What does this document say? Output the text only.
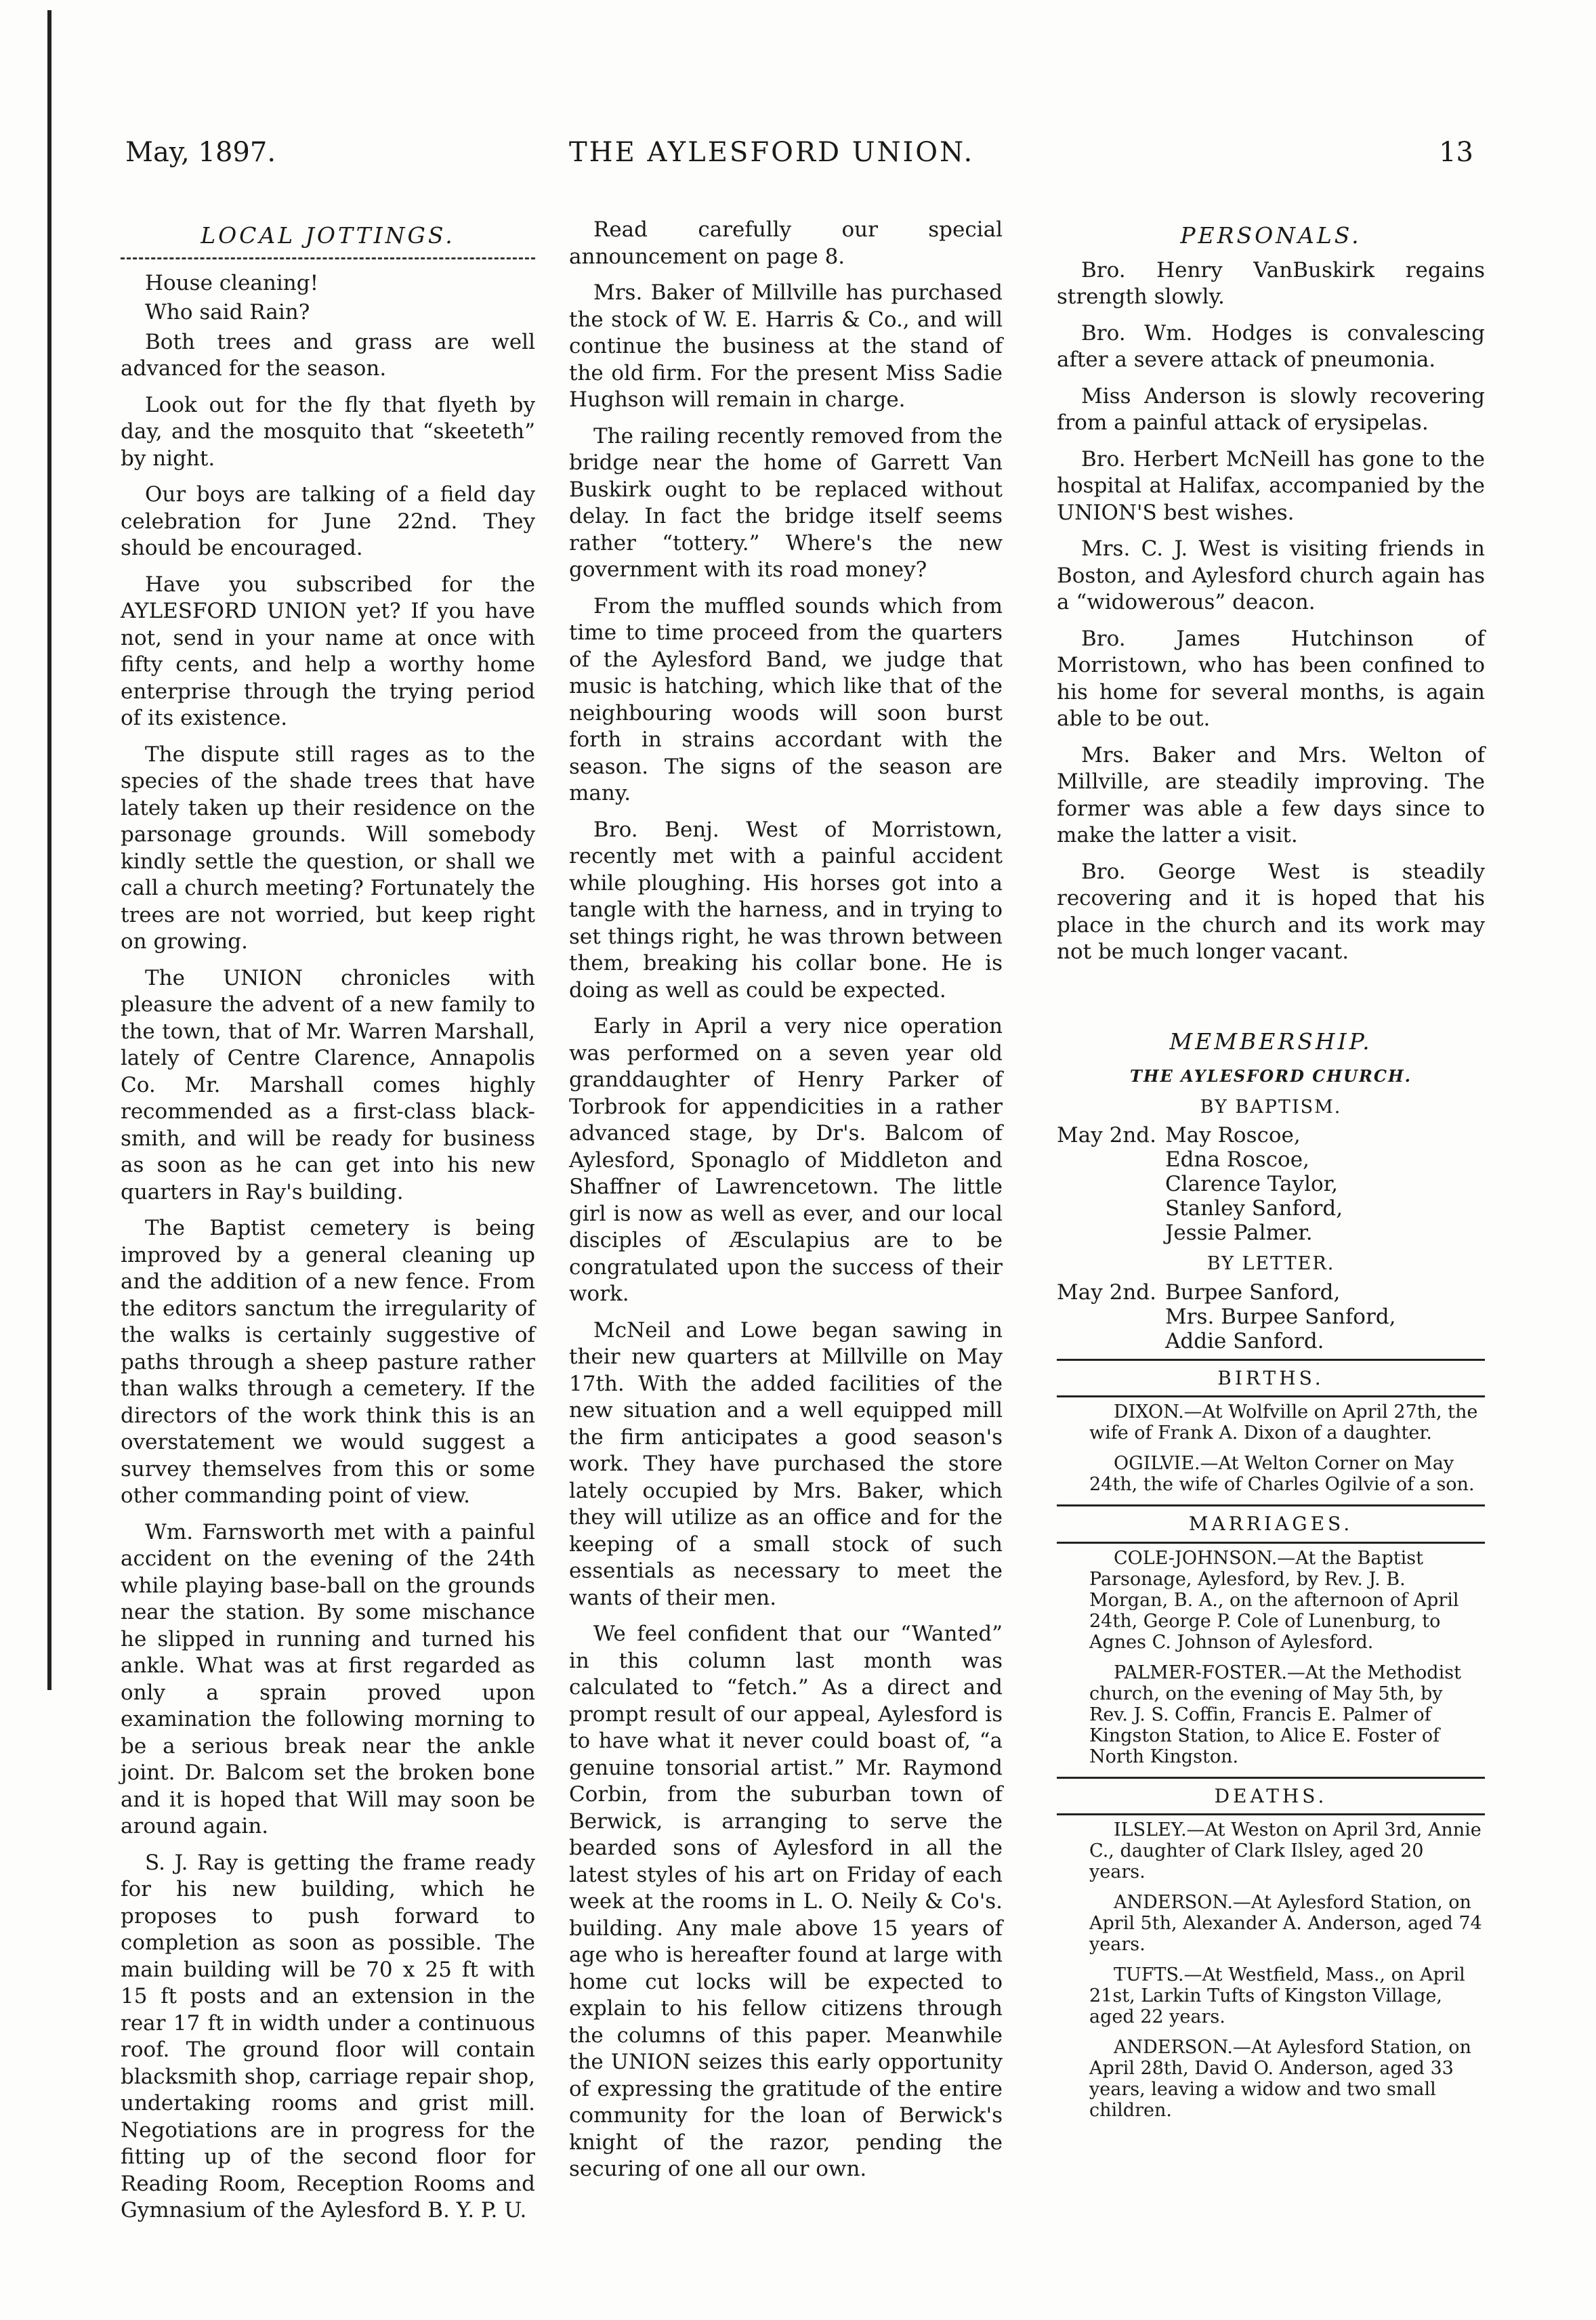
May, 1897.	THE AYLESFORD UNION.	13
LOCAL JOTTINGS.

House cleaning!

Who said Rain?

Both trees and grass are well advanced for the season.

Look out for the fly that flyeth by day, and the mosquito that “skeeteth” by night.

Our boys are talking of a field day celebration for June 22nd. They should be encouraged.

Have you subscribed for the AYLESFORD UNION yet? If you have not, send in your name at once with fifty cents, and help a worthy home enterprise through the trying period of its existence.

The dispute still rages as to the species of the shade trees that have lately taken up their residence on the parsonage grounds. Will somebody kindly settle the question, or shall we call a church meeting? Fortunately the trees are not worried, but keep right on growing.

The UNION chronicles with pleasure the advent of a new family to the town, that of Mr. Warren Marshall, lately of Centre Clarence, Annapolis Co. Mr. Marshall comes highly recommended as a first-class black-smith, and will be ready for business as soon as he can get into his new quarters in Ray's building.

The Baptist cemetery is being improved by a general cleaning up and the addition of a new fence. From the editors sanctum the irregularity of the walks is certainly suggestive of paths through a sheep pasture rather than walks through a cemetery. If the directors of the work think this is an overstatement we would suggest a survey themselves from this or some other commanding point of view.

Wm. Farnsworth met with a painful accident on the evening of the 24th while playing base-ball on the grounds near the station. By some mischance he slipped in running and turned his ankle. What was at first regarded as only a sprain proved upon examination the following morning to be a serious break near the ankle joint. Dr. Balcom set the broken bone and it is hoped that Will may soon be around again.

S. J. Ray is getting the frame ready for his new building, which he proposes to push forward to completion as soon as possible. The main building will be 70 x 25 ft with 15 ft posts and an extension in the rear 17 ft in width under a continuous roof. The ground floor will contain blacksmith shop, carriage repair shop, undertaking rooms and grist mill. Negotiations are in progress for the fitting up of the second floor for Reading Room, Reception Rooms and Gymnasium of the Aylesford B. Y. P. U.

Read carefully our special announcement on page 8.

Mrs. Baker of Millville has purchased the stock of W. E. Harris & Co., and will continue the business at the stand of the old firm. For the present Miss Sadie Hughson will remain in charge.

The railing recently removed from the bridge near the home of Garrett Van Buskirk ought to be replaced without delay. In fact the bridge itself seems rather “tottery.” Where's the new government with its road money?

From the muffled sounds which from time to time proceed from the quarters of the Aylesford Band, we judge that music is hatching, which like that of the neighbouring woods will soon burst forth in strains accordant with the season. The signs of the season are many.

Bro. Benj. West of Morristown, recently met with a painful accident while ploughing. His horses got into a tangle with the harness, and in trying to set things right, he was thrown between them, breaking his collar bone. He is doing as well as could be expected.

Early in April a very nice operation was performed on a seven year old granddaughter of Henry Parker of Torbrook for appendicities in a rather advanced stage, by Dr's. Balcom of Aylesford, Sponaglo of Middleton and Shaffner of Lawrencetown. The little girl is now as well as ever, and our local disciples of Æsculapius are to be congratulated upon the success of their work.

McNeil and Lowe began sawing in their new quarters at Millville on May 17th. With the added facilities of the new situation and a well equipped mill the firm anticipates a good season's work. They have purchased the store lately occupied by Mrs. Baker, which they will utilize as an office and for the keeping of a small stock of such essentials as necessary to meet the wants of their men.

We feel confident that our “Wanted” in this column last month was calculated to “fetch.” As a direct and prompt result of our appeal, Aylesford is to have what it never could boast of, “a genuine tonsorial artist.” Mr. Raymond Corbin, from the suburban town of Berwick, is arranging to serve the bearded sons of Aylesford in all the latest styles of his art on Friday of each week at the rooms in L. O. Neily & Co's. building. Any male above 15 years of age who is hereafter found at large with home cut locks will be expected to explain to his fellow citizens through the columns of this paper. Meanwhile the UNION seizes this early opportunity of expressing the gratitude of the entire community for the loan of Berwick's knight of the razor, pending the securing of one all our own.

PERSONALS.

Bro. Henry VanBuskirk regains strength slowly.

Bro. Wm. Hodges is convalescing after a severe attack of pneumonia.

Miss Anderson is slowly recovering from a painful attack of erysipelas.

Bro. Herbert McNeill has gone to the hospital at Halifax, accompanied by the UNION'S best wishes.

Mrs. C. J. West is visiting friends in Boston, and Aylesford church again has a “widowerous” deacon.

Bro. James Hutchinson of Morristown, who has been confined to his home for several months, is again able to be out.

Mrs. Baker and Mrs. Welton of Millville, are steadily improving. The former was able a few days since to make the latter a visit.

Bro. George West is steadily recovering and it is hoped that his place in the church and its work may not be much longer vacant.

MEMBERSHIP.
THE AYLESFORD CHURCH.
BY BAPTISM.
May 2nd. May Roscoe,
Edna Roscoe,
Clarence Taylor,
Stanley Sanford,
Jessie Palmer.
BY LETTER.
May 2nd. Burpee Sanford,
Mrs. Burpee Sanford,
Addie Sanford.
BIRTHS.

DIXON.—At Wolfville on April 27th, the wife of Frank A. Dixon of a daughter.

OGILVIE.—At Welton Corner on May 24th, the wife of Charles Ogilvie of a son.

MARRIAGES.

COLE-JOHNSON.—At the Baptist Parsonage, Aylesford, by Rev. J. B. Morgan, B. A., on the afternoon of April 24th, George P. Cole of Lunenburg, to Agnes C. Johnson of Aylesford.

PALMER-FOSTER.—At the Methodist church, on the evening of May 5th, by Rev. J. S. Coffin, Francis E. Palmer of Kingston Station, to Alice E. Foster of North Kingston.

DEATHS.

ILSLEY.—At Weston on April 3rd, Annie C., daughter of Clark Ilsley, aged 20 years.

ANDERSON.—At Aylesford Station, on April 5th, Alexander A. Anderson, aged 74 years.

TUFTS.—At Westfield, Mass., on April 21st, Larkin Tufts of Kingston Village, aged 22 years.

ANDERSON.—At Aylesford Station, on April 28th, David O. Anderson, aged 33 years, leaving a widow and two small children.
